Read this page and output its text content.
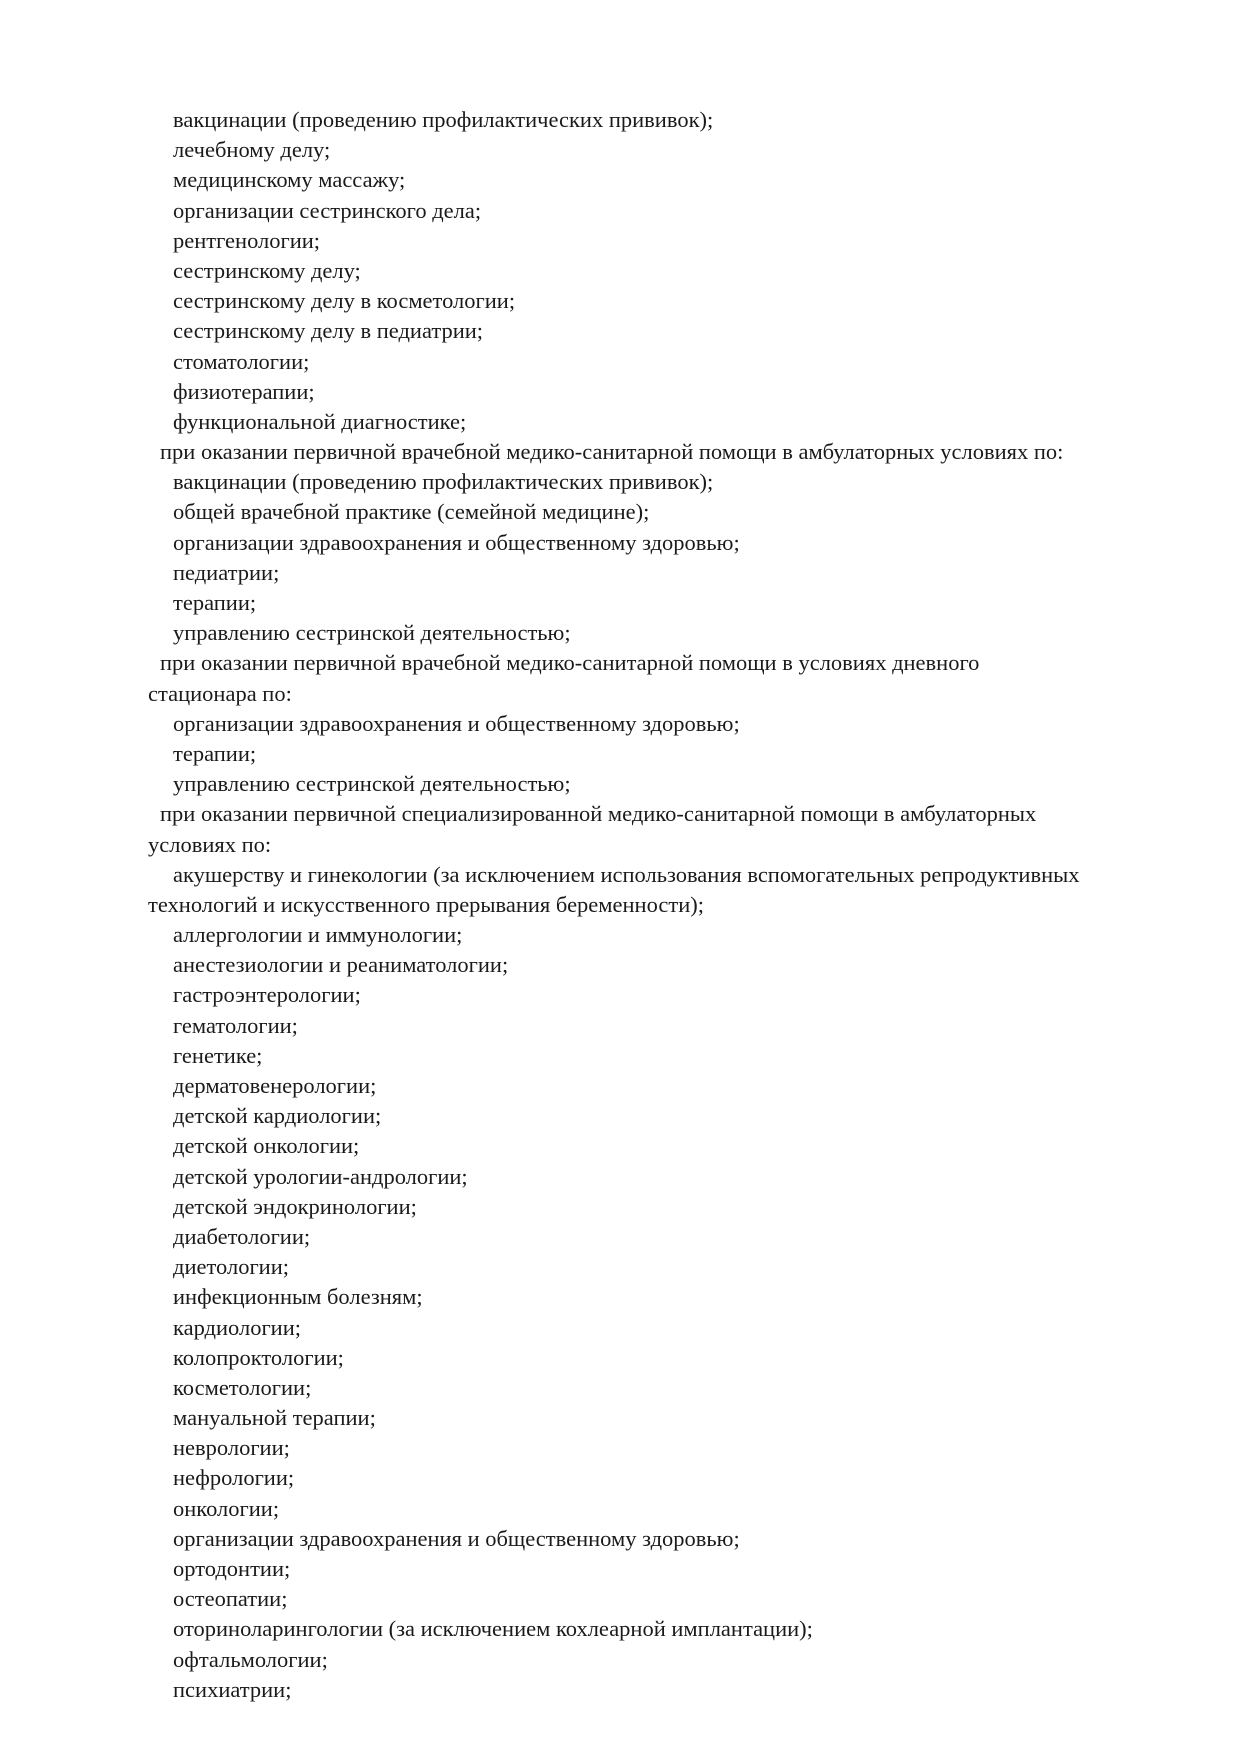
вакцинации (проведению профилактических прививок);
лечебному делу;
медицинскому массажу;
организации сестринского дела;
рентгенологии;
сестринскому делу;
сестринскому делу в косметологии;
сестринскому делу в педиатрии;
стоматологии;
физиотерапии;
функциональной диагностике;
при оказании первичной врачебной медико-санитарной помощи в амбулаторных условиях по:
вакцинации (проведению профилактических прививок);
общей врачебной практике (семейной медицине);
организации здравоохранения и общественному здоровью;
педиатрии;
терапии;
управлению сестринской деятельностью;
при оказании первичной врачебной медико-санитарной помощи в условиях дневного
стационара по:
организации здравоохранения и общественному здоровью;
терапии;
управлению сестринской деятельностью;
при оказании первичной специализированной медико-санитарной помощи в амбулаторных
условиях по:
акушерству и гинекологии (за исключением использования вспомогательных репродуктивных
технологий и искусственного прерывания беременности);
аллергологии и иммунологии;
анестезиологии и реаниматологии;
гастроэнтерологии;
гематологии;
генетике;
дерматовенерологии;
детской кардиологии;
детской онкологии;
детской урологии-андрологии;
детской эндокринологии;
диабетологии;
диетологии;
инфекционным болезням;
кардиологии;
колопроктологии;
косметологии;
мануальной терапии;
неврологии;
нефрологии;
онкологии;
организации здравоохранения и общественному здоровью;
ортодонтии;
остеопатии;
оториноларингологии (за исключением кохлеарной имплантации);
офтальмологии;
психиатрии;
